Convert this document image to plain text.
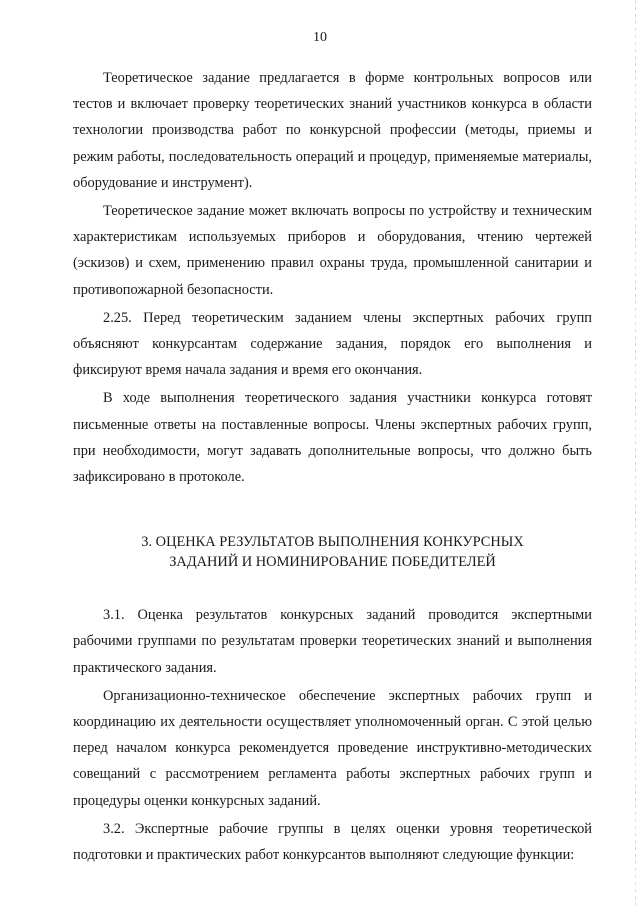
10

Теоретическое задание предлагается в форме контрольных вопросов или тестов и включает проверку теоретических знаний участников конкурса в области технологии производства работ по конкурсной профессии (методы, приемы и режим работы, последовательность операций и процедур, применяемые материалы, оборудование и инструмент).

Теоретическое задание может включать вопросы по устройству и техническим характеристикам используемых приборов и оборудования, чтению чертежей (эскизов) и схем, применению правил охраны труда, промышленной санитарии и противопожарной безопасности.

2.25. Перед теоретическим заданием члены экспертных рабочих групп объясняют конкурсантам содержание задания, порядок его выполнения и фиксируют время начала задания и время его окончания.

В ходе выполнения теоретического задания участники конкурса готовят письменные ответы на поставленные вопросы. Члены экспертных рабочих групп, при необходимости, могут задавать дополнительные вопросы, что должно быть зафиксировано в протоколе.

3. ОЦЕНКА РЕЗУЛЬТАТОВ ВЫПОЛНЕНИЯ КОНКУРСНЫХ
ЗАДАНИЙ И НОМИНИРОВАНИЕ ПОБЕДИТЕЛЕЙ

3.1. Оценка результатов конкурсных заданий проводится экспертными рабочими группами по результатам проверки теоретических знаний и выполнения практического задания.

Организационно-техническое обеспечение экспертных рабочих групп и координацию их деятельности осуществляет уполномоченный орган. С этой целью перед началом конкурса рекомендуется проведение инструктивно-методических совещаний с рассмотрением регламента работы экспертных рабочих групп и процедуры оценки конкурсных заданий.

3.2. Экспертные рабочие группы в целях оценки уровня теоретической подготовки и практических работ конкурсантов выполняют следующие функции:
